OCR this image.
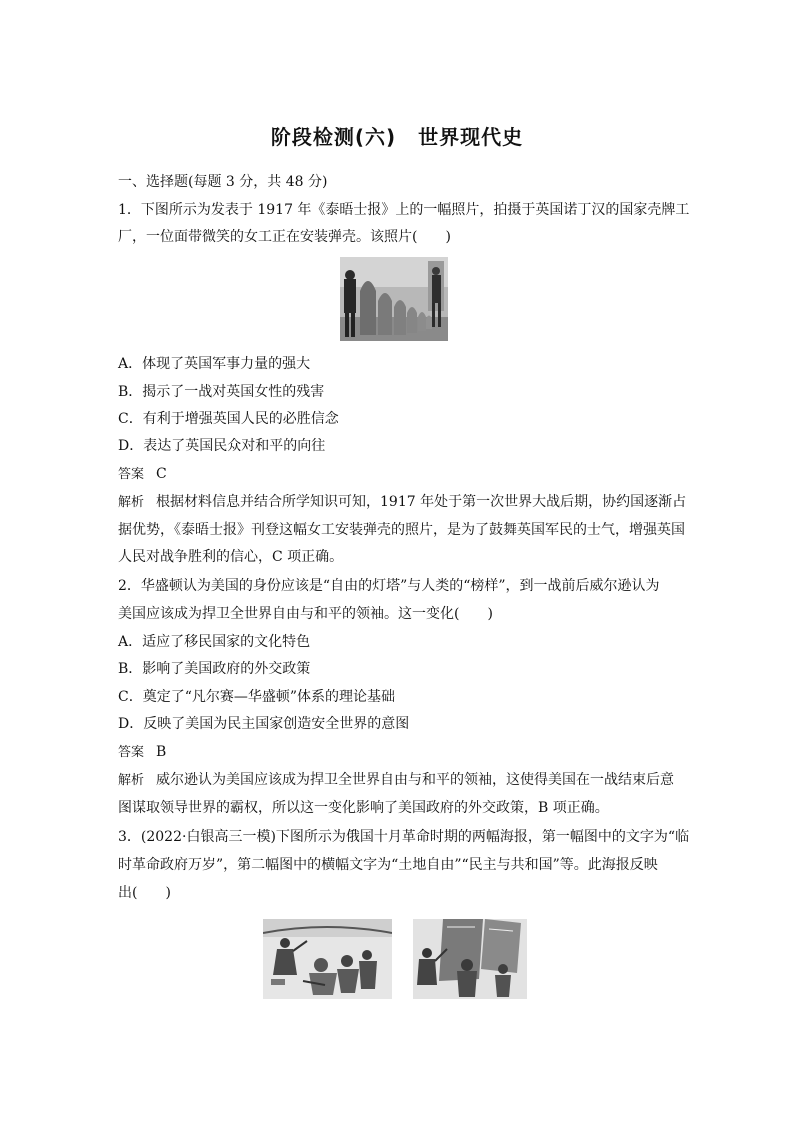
阶段检测(六) 世界现代史
一、选择题(每题 3 分，共 48 分)
1．下图所示为发表于 1917 年《泰晤士报》上的一幅照片，拍摄于英国诺丁汉的国家壳牌工
厂，一位面带微笑的女工正在安装弹壳。该照片(　　)
A．体现了英国军事力量的强大
B．揭示了一战对英国女性的残害
C．有利于增强英国人民的必胜信念
D．表达了英国民众对和平的向往
答案 C
解析 根据材料信息并结合所学知识可知，1917 年处于第一次世界大战后期，协约国逐渐占
据优势，《泰晤士报》刊登这幅女工安装弹壳的照片，是为了鼓舞英国军民的士气，增强英国
人民对战争胜利的信心，C 项正确。
2．华盛顿认为美国的身份应该是“自由的灯塔”与人类的“榜样”，到一战前后威尔逊认为
美国应该成为捍卫全世界自由与和平的领袖。这一变化(　　)
A．适应了移民国家的文化特色
B．影响了美国政府的外交政策
C．奠定了“凡尔赛—华盛顿”体系的理论基础
D．反映了美国为民主国家创造安全世界的意图
答案 B
解析 威尔逊认为美国应该成为捍卫全世界自由与和平的领袖，这使得美国在一战结束后意
图谋取领导世界的霸权，所以这一变化影响了美国政府的外交政策，B 项正确。
3．(2022·白银高三一模)下图所示为俄国十月革命时期的两幅海报，第一幅图中的文字为“临
时革命政府万岁”，第二幅图中的横幅文字为“土地自由”“民主与共和国”等。此海报反映
出(　　)
